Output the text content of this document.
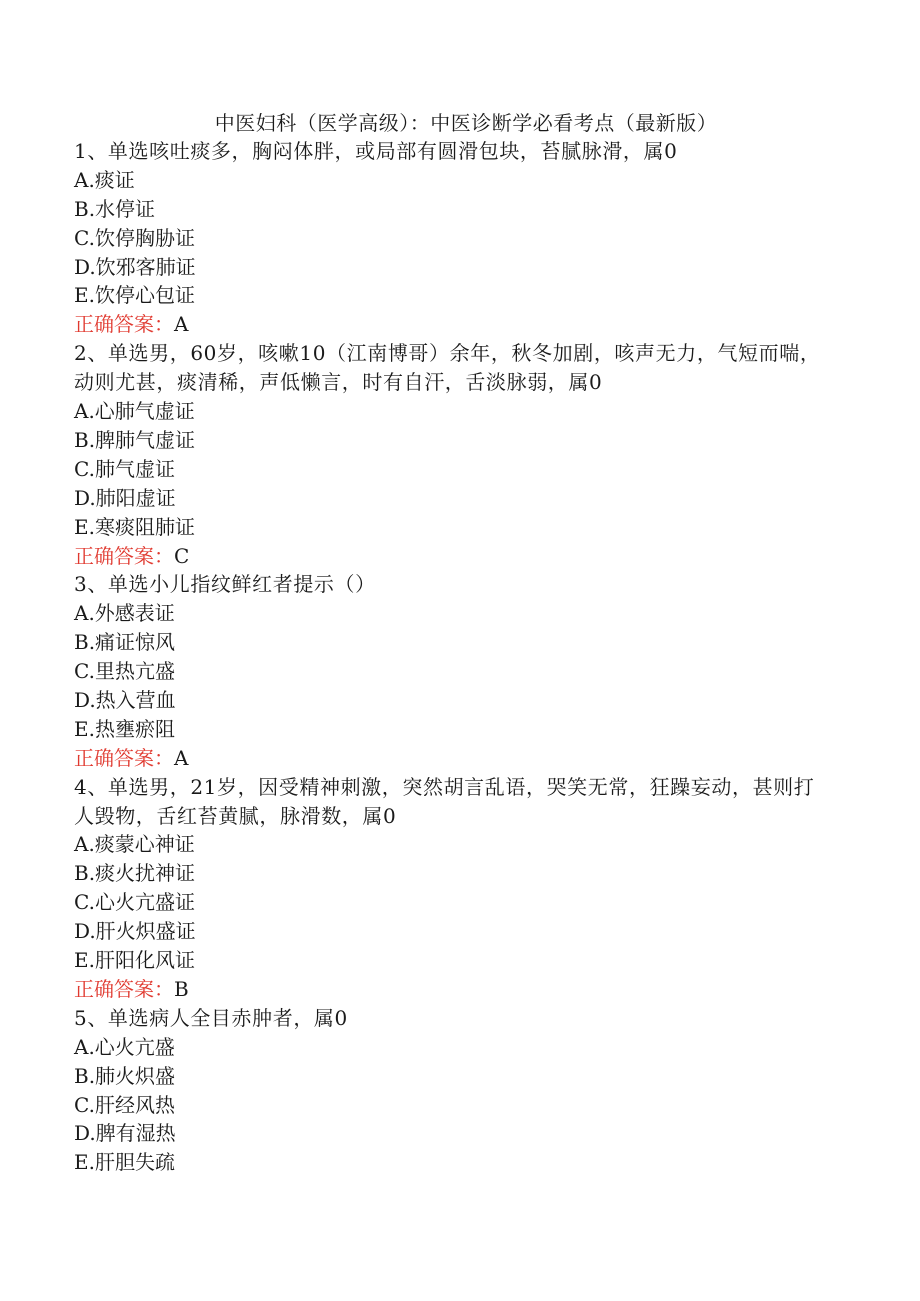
中医妇科（医学高级）：中医诊断学必看考点（最新版）
1、单选咳吐痰多，胸闷体胖，或局部有圆滑包块，苔腻脉滑，属0
A.痰证
B.水停证
C.饮停胸胁证
D.饮邪客肺证
E.饮停心包证
正确答案：A
2、单选男，60岁，咳嗽10（江南博哥）余年，秋冬加剧，咳声无力，气短而喘，动则尤甚，痰清稀，声低懒言，时有自汗，舌淡脉弱，属0
A.心肺气虚证
B.脾肺气虚证
C.肺气虚证
D.肺阳虚证
E.寒痰阻肺证
正确答案：C
3、单选小儿指纹鲜红者提示（）
A.外感表证
B.痛证惊风
C.里热亢盛
D.热入营血
E.热壅瘀阻
正确答案：A
4、单选男，21岁，因受精神刺激，突然胡言乱语，哭笑无常，狂躁妄动，甚则打人毁物，舌红苔黄腻，脉滑数，属0
A.痰蒙心神证
B.痰火扰神证
C.心火亢盛证
D.肝火炽盛证
E.肝阳化风证
正确答案：B
5、单选病人全目赤肿者，属0
A.心火亢盛
B.肺火炽盛
C.肝经风热
D.脾有湿热
E.肝胆失疏
